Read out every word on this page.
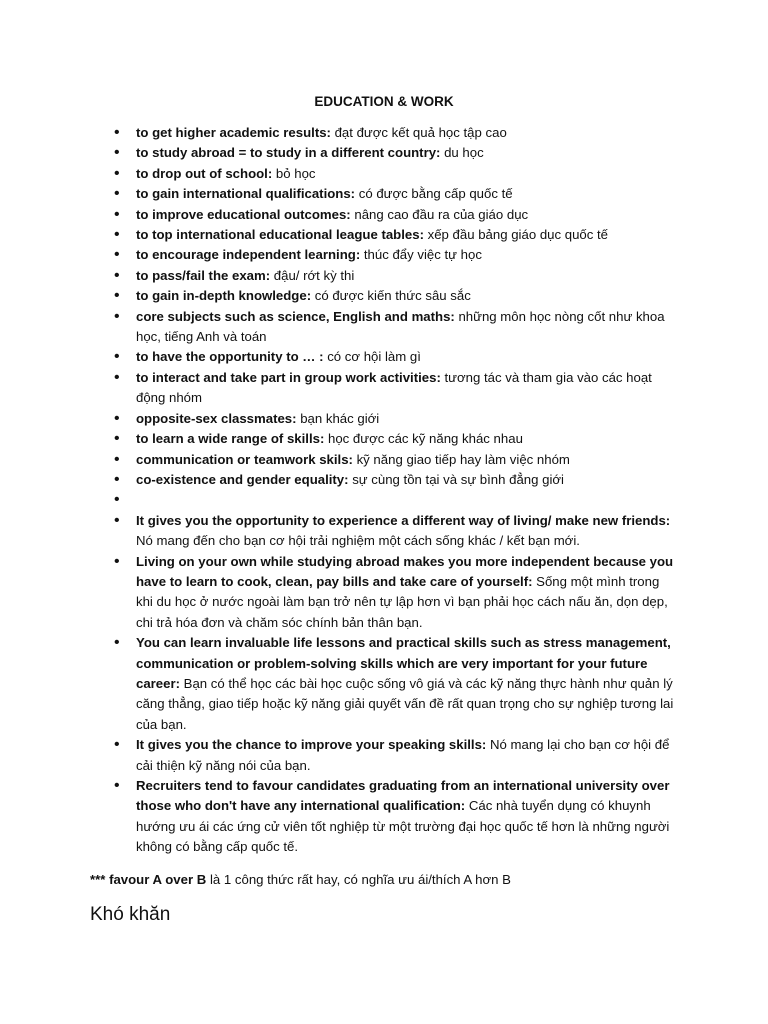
EDUCATION & WORK
• to get higher academic results: đạt được kết quả học tập cao
• to study abroad = to study in a different country: du học
• to drop out of school: bỏ học
• to gain international qualifications: có được bằng cấp quốc tế
• to improve educational outcomes: nâng cao đầu ra của giáo dục
• to top international educational league tables: xếp đầu bảng giáo dục quốc tế
• to encourage independent learning: thúc đẩy việc tự học
• to pass/fail the exam: đậu/ rớt kỳ thi
• to gain in-depth knowledge: có được kiến thức sâu sắc
• core subjects such as science, English and maths: những môn học nòng cốt như khoa học, tiếng Anh và toán
• to have the opportunity to … : có cơ hội làm gì
• to interact and take part in group work activities: tương tác và tham gia vào các hoạt động nhóm
• opposite-sex classmates: bạn khác giới
• to learn a wide range of skills: học được các kỹ năng khác nhau
• communication or teamwork skils: kỹ năng giao tiếp hay làm việc nhóm
• co-existence and gender equality: sự cùng tồn tại và sự bình đẳng giới
•
• It gives you the opportunity to experience a different way of living/ make new friends: Nó mang đến cho bạn cơ hội trải nghiệm một cách sống khác / kết bạn mới.
• Living on your own while studying abroad makes you more independent because you have to learn to cook, clean, pay bills and take care of yourself: Sống một mình trong khi du học ở nước ngoài làm bạn trở nên tự lập hơn vì bạn phải học cách nấu ăn, dọn dẹp, chi trả hóa đơn và chăm sóc chính bản thân bạn.
• You can learn invaluable life lessons and practical skills such as stress management, communication or problem-solving skills which are very important for your future career: Bạn có thể học các bài học cuộc sống vô giá và các kỹ năng thực hành như quản lý căng thẳng, giao tiếp hoặc kỹ năng giải quyết vấn đề rất quan trọng cho sự nghiệp tương lai của bạn.
• It gives you the chance to improve your speaking skills: Nó mang lại cho bạn cơ hội để cải thiện kỹ năng nói của bạn.
• Recruiters tend to favour candidates graduating from an international university over those who don't have any international qualification: Các nhà tuyển dụng có khuynh hướng ưu ái các ứng cử viên tốt nghiệp từ một trường đại học quốc tế hơn là những người không có bằng cấp quốc tế.
*** favour A over B là 1 công thức rất hay, có nghĩa ưu ái/thích A hơn B
Khó khăn
